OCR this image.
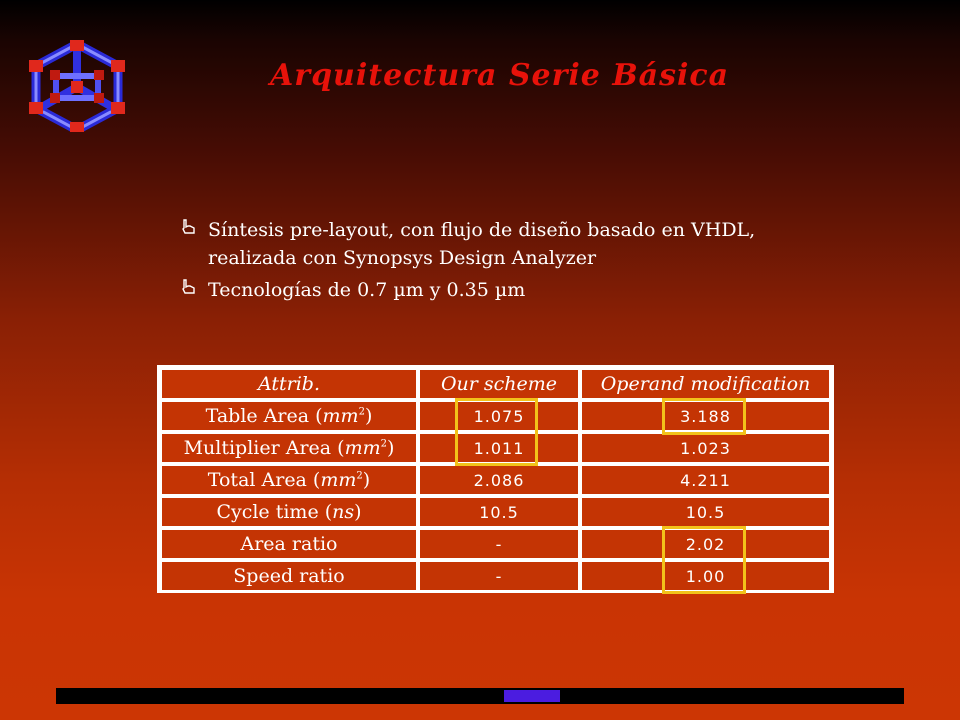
Arquitectura Serie Básica
Síntesis pre-layout, con flujo de diseño basado en VHDL, realizada con Synopsys Design Analyzer
Tecnologías de 0.7 µm y 0.35 µm
Attrib.	Our scheme	Operand modification
Table Area $(mm^2)$	1.075	3.188
Multiplier Area $(mm^2)$	1.011	1.023
Total Area $(mm^2)$	2.086	4.211
Cycle time (ns)	10.5	10.5
Area ratio	-	2.02
Speed ratio	-	1.00
